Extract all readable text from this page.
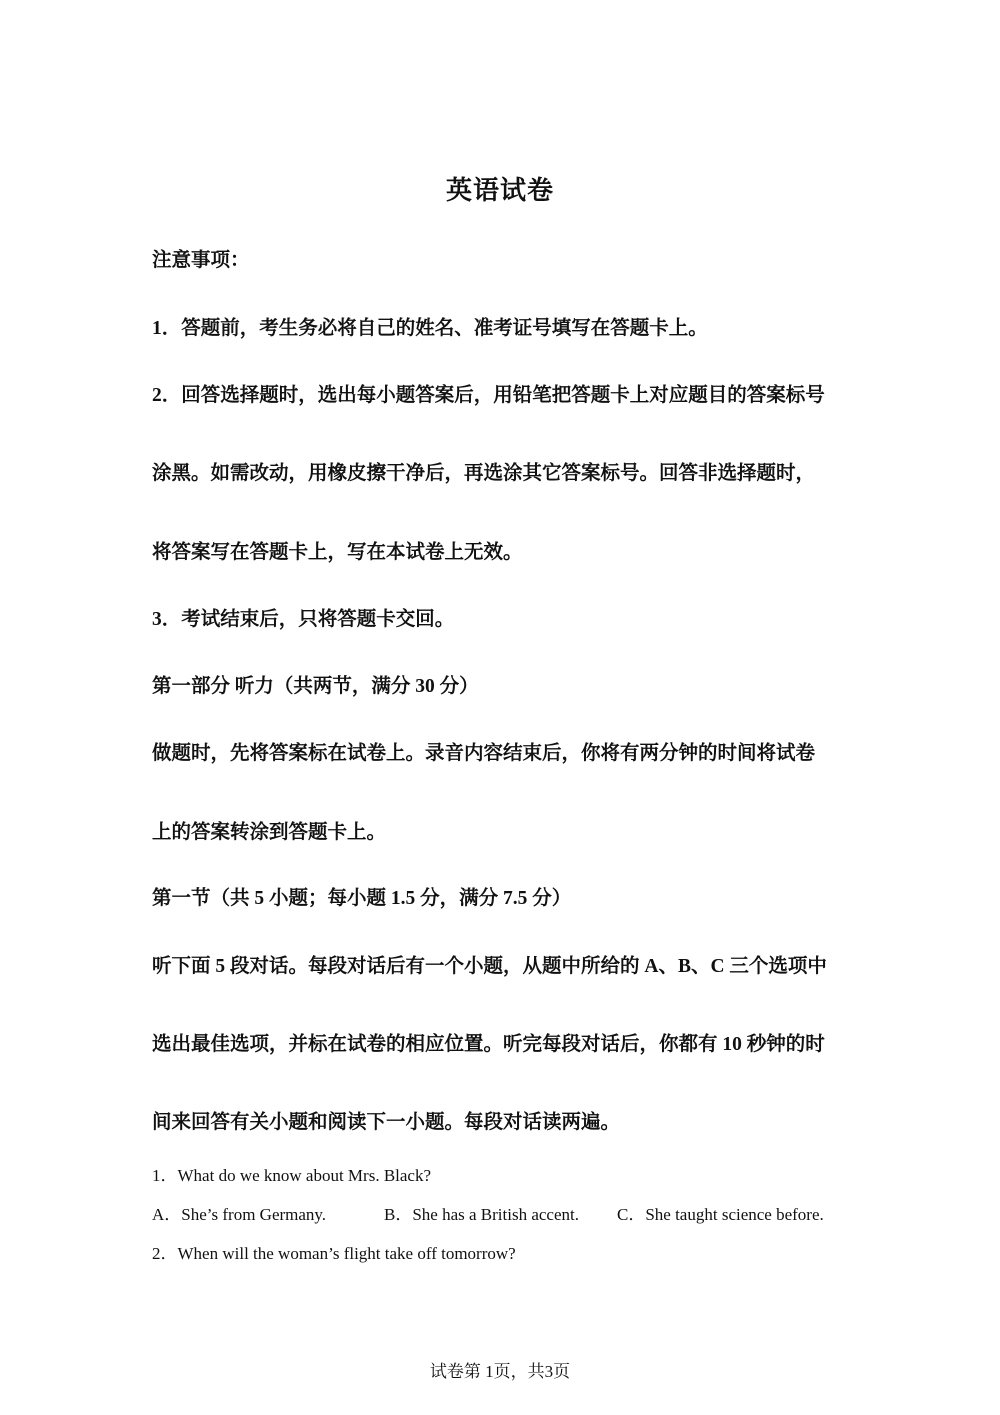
英语试卷
注意事项：
1．答题前，考生务必将自己的姓名、准考证号填写在答题卡上。
2．回答选择题时，选出每小题答案后，用铅笔把答题卡上对应题目的答案标号
涂黑。如需改动，用橡皮擦干净后，再选涂其它答案标号。回答非选择题时，
将答案写在答题卡上，写在本试卷上无效。
3．考试结束后，只将答题卡交回。
第一部分 听力（共两节，满分 30 分）
做题时，先将答案标在试卷上。录音内容结束后，你将有两分钟的时间将试卷
上的答案转涂到答题卡上。
第一节（共 5 小题；每小题 1.5 分，满分 7.5 分）
听下面 5 段对话。每段对话后有一个小题，从题中所给的 A、B、C 三个选项中
选出最佳选项，并标在试卷的相应位置。听完每段对话后，你都有 10 秒钟的时
间来回答有关小题和阅读下一小题。每段对话读两遍。
1．What do we know about Mrs. Black?
A．She’s from Germany.	B．She has a British accent. C．She taught science before.
2．When will the woman’s flight take off tomorrow?
试卷第 1页，共3页
